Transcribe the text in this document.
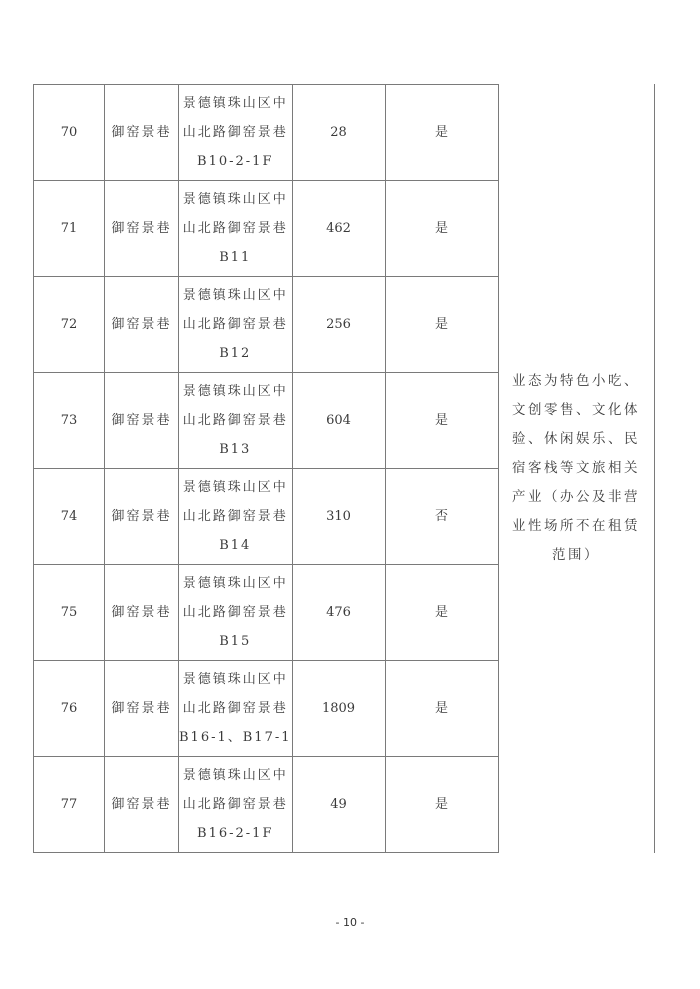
70	御窑景巷	景德镇珠山区中
山北路御窑景巷
B10-2-1F	28	是
71	御窑景巷	景德镇珠山区中
山北路御窑景巷
B11	462	是
72	御窑景巷	景德镇珠山区中
山北路御窑景巷
B12	256	是
73	御窑景巷	景德镇珠山区中
山北路御窑景巷
B13	604	是
74	御窑景巷	景德镇珠山区中
山北路御窑景巷
B14	310	否
75	御窑景巷	景德镇珠山区中
山北路御窑景巷
B15	476	是
76	御窑景巷	景德镇珠山区中
山北路御窑景巷
B16-1、B17-1	1809	是
77	御窑景巷	景德镇珠山区中
山北路御窑景巷
B16-2-1F	49	是
业态为特色小吃、文创零售、文化体验、休闲娱乐、民宿客栈等文旅相关产业（办公及非营业性场所不在租赁范围）
- 10 -
